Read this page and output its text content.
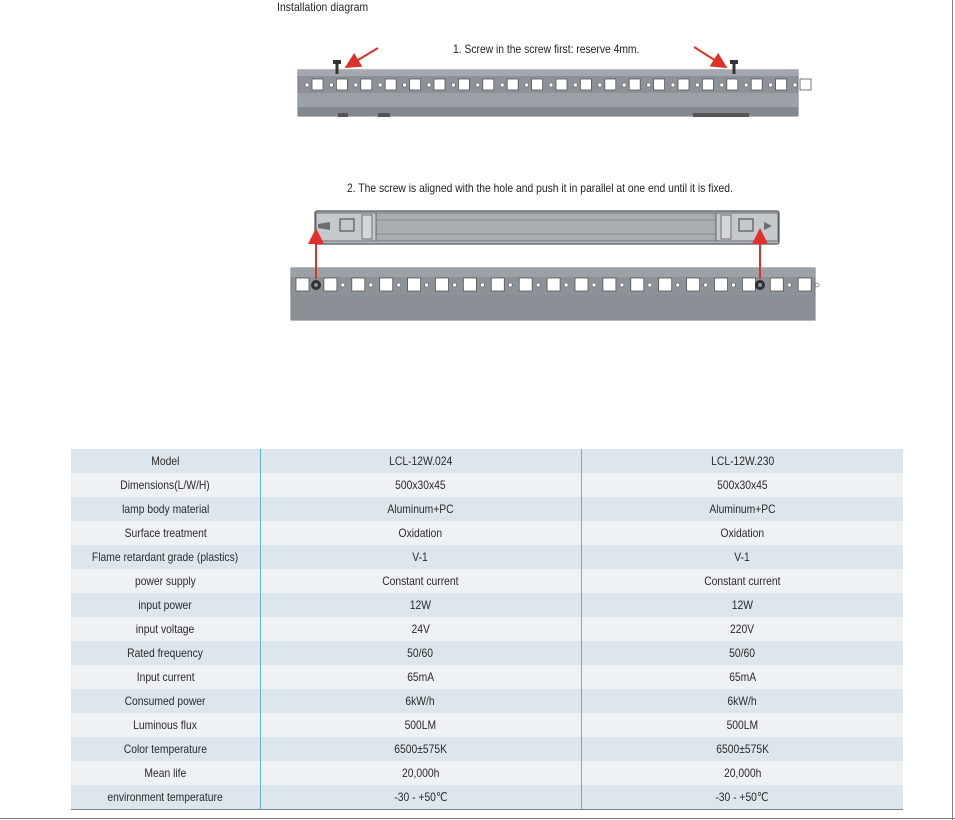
Installation diagram
1. Screw in the screw first: reserve 4mm.
2. The screw is aligned with the hole and push it in parallel at one end until it is fixed.
Model	LCL-12W.024	LCL-12W.230
Dimensions(L/W/H)	500x30x45	500x30x45
lamp body material	Aluminum+PC	Aluminum+PC
Surface treatment	Oxidation	Oxidation
Flame retardant grade (plastics)	V-1	V-1
power supply	Constant current	Constant current
input power	12W	12W
input voltage	24V	220V
Rated frequency	50/60	50/60
Input current	65mA	65mA
Consumed power	6kW/h	6kW/h
Luminous flux	500LM	500LM
Color temperature	6500±575K	6500±575K
Mean life	20,000h	20,000h
environment temperature	-30 - +50℃	-30 - +50℃
